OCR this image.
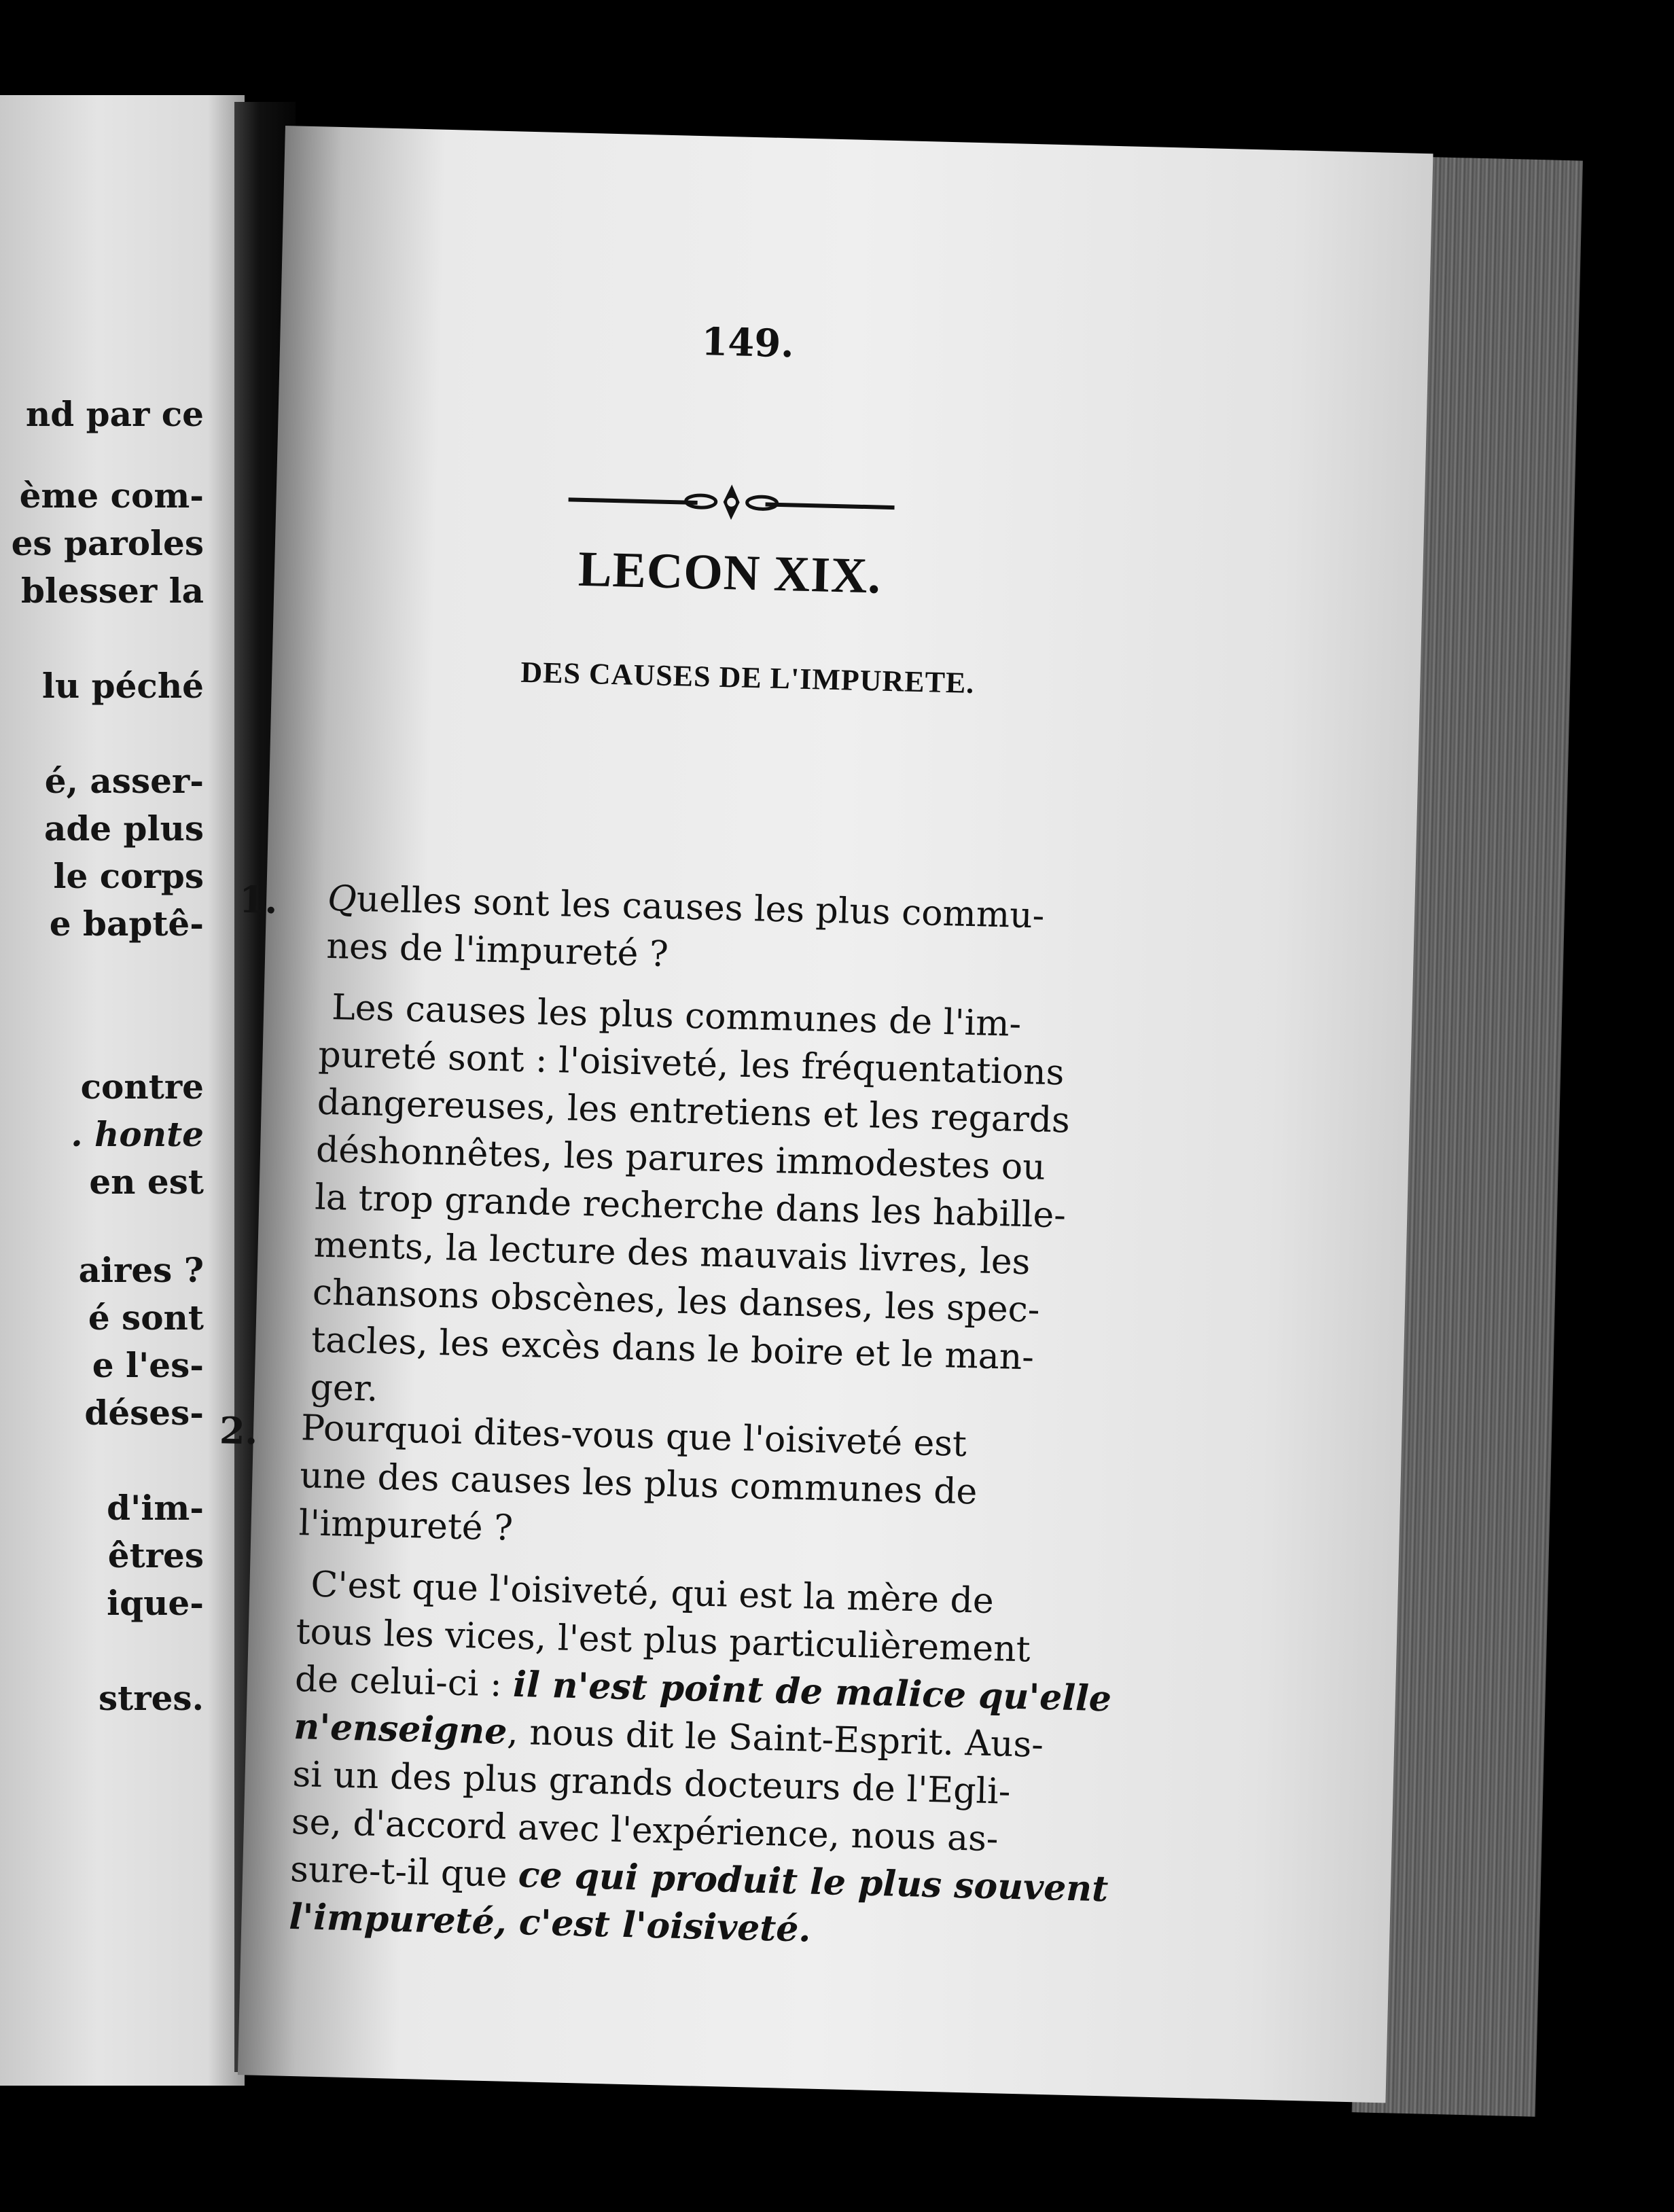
nd par ce
ème com-
es paroles
blesser la
lu péché
é, asser-
ade plus
le corps
e baptê-
contre
. honte
en est
aires ?
é sont
e l'es-
déses-
d'im-
êtres
ique-
stres.
149.
LECON XIX.
DES CAUSES DE L'IMPURETE.
1. Quelles sont les causes les plus commu-
nes de l'impureté ?
Les causes les plus communes de l'im-
pureté sont : l'oisiveté, les fréquentations
dangereuses, les entretiens et les regards
déshonnêtes, les parures immodestes ou
la trop grande recherche dans les habille-
ments, la lecture des mauvais livres, les
chansons obscènes, les danses, les spec-
tacles, les excès dans le boire et le man-
ger.
2. Pourquoi dites-vous que l'oisiveté est
une des causes les plus communes de
l'impureté ?
C'est que l'oisiveté, qui est la mère de
tous les vices, l'est plus particulièrement
de celui-ci : il n'est point de malice qu'elle
n'enseigne, nous dit le Saint-Esprit. Aus-
si un des plus grands docteurs de l'Egli-
se, d'accord avec l'expérience, nous as-
sure-t-il que ce qui produit le plus souvent
l'impureté, c'est l'oisiveté.
